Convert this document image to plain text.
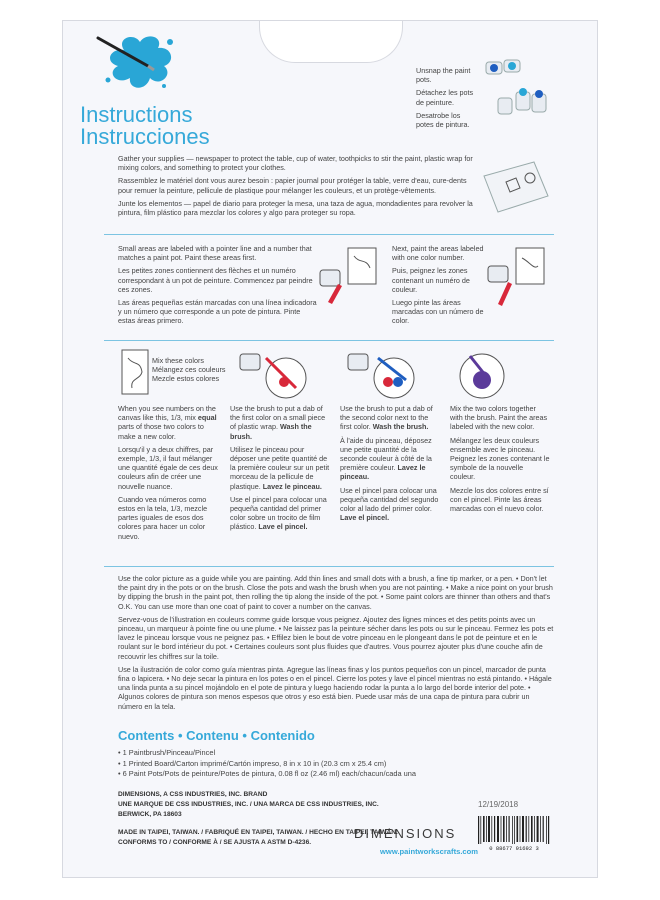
Instructions
Instrucciones

Unsnap the paint pots.

Détachez les pots de peinture.

Desatrobe los potes de pintura.

Gather your supplies — newspaper to protect the table, cup of water, toothpicks to stir the paint, plastic wrap for mixing colors, and something to protect your clothes.

Rassemblez le matériel dont vous aurez besoin : papier journal pour protéger la table, verre d'eau, cure-dents pour remuer la peinture, pellicule de plastique pour mélanger les couleurs, et un protège-vêtements.

Junte los elementos — papel de diario para proteger la mesa, una taza de agua, mondadientes para revolver la pintura, film plástico para mezclar los colores y algo para proteger su ropa.

Small areas are labeled with a pointer line and a number that matches a paint pot. Paint these areas first.

Les petites zones contiennent des flèches et un numéro correspondant à un pot de peinture. Commencez par peindre ces zones.

Las áreas pequeñas están marcadas con una línea indicadora y un número que corresponde a un pote de pintura. Pinte estas áreas primero.

Next, paint the areas labeled with one color number.

Puis, peignez les zones contenant un numéro de couleur.

Luego pinte las áreas marcadas con un número de color.

Mix these colors
Mélangez ces couleurs
Mezcle estos colores

When you see numbers on the canvas like this, 1/3, mix equal parts of those two colors to make a new color.

Lorsqu'il y a deux chiffres, par exemple, 1/3, il faut mélanger une quantité égale de ces deux couleurs afin de créer une nouvelle nuance.

Cuando vea números como estos en la tela, 1/3, mezcle partes iguales de esos dos colores para hacer un color nuevo.

Use the brush to put a dab of the first color on a small piece of plastic wrap. Wash the brush.

Utilisez le pinceau pour déposer une petite quantité de la première couleur sur un petit morceau de la pellicule de plastique. Lavez le pinceau.

Use el pincel para colocar una pequeña cantidad del primer color sobre un trocito de film plástico. Lave el pincel.

Use the brush to put a dab of the second color next to the first color. Wash the brush.

À l'aide du pinceau, déposez une petite quantité de la seconde couleur à côté de la première couleur. Lavez le pinceau.

Use el pincel para colocar una pequeña cantidad del segundo color al lado del primer color. Lave el pincel.

Mix the two colors together with the brush. Paint the areas labeled with the new color.

Mélangez les deux couleurs ensemble avec le pinceau. Peignez les zones contenant le symbole de la nouvelle couleur.

Mezcle los dos colores entre sí con el pincel. Pinte las áreas marcadas con el nuevo color.

Use the color picture as a guide while you are painting. Add thin lines and small dots with a brush, a fine tip marker, or a pen. • Don't let the paint dry in the pots or on the brush. Close the pots and wash the brush when you are not painting. • Make a nice point on your brush by dipping the brush in the paint pot, then rolling the tip along the inside of the pot. • Some paint colors are thinner than others and that's O.K. You can use more than one coat of paint to cover a number on the canvas.

Servez-vous de l'illustration en couleurs comme guide lorsque vous peignez. Ajoutez des lignes minces et des petits points avec un pinceau, un marqueur à pointe fine ou une plume. • Ne laissez pas la peinture sécher dans les pots ou sur le pinceau. Fermez les pots et lavez le pinceau lorsque vous ne peignez pas. • Effilez bien le bout de votre pinceau en le plongeant dans le pot de peinture et en le roulant sur le bord intérieur du pot. • Certaines couleurs sont plus fluides que d'autres. Vous pourrez ajouter plus d'une couche afin de recouvrir les chiffres sur la toile.

Use la ilustración de color como guía mientras pinta. Agregue las líneas finas y los puntos pequeños con un pincel, marcador de punta fina o lapicera. • No deje secar la pintura en los potes o en el pincel. Cierre los potes y lave el pincel mientras no está pintando. • Hágale una linda punta a su pincel mojándolo en el pote de pintura y luego haciendo rodar la punta a lo largo del borde interior del pote. • Algunos colores de pintura son menos espesos que otros y eso está bien. Puede usar más de una capa de pintura para cubrir un número en la tela.

Contents • Contenu • Contenido
• 1 Paintbrush/Pinceau/Pincel
• 1 Printed Board/Carton imprimé/Cartón impreso, 8 in x 10 in (20.3 cm x 25.4 cm)
• 6 Paint Pots/Pots de peinture/Potes de pintura, 0.08 fl oz (2.46 ml) each/chacun/cada una
DIMENSIONS, A CSS INDUSTRIES, INC. BRAND
UNE MARQUE DE CSS INDUSTRIES, INC. / UNA MARCA DE CSS INDUSTRIES, INC.
BERWICK, PA 18603
MADE IN TAIPEI, TAIWAN. / FABRIQUÉ EN TAIPEI, TAIWAN. / HECHO EN TAIPEI, TAIWÁN.
CONFORMS TO / CONFORME À / SE AJUSTA A ASTM D-4236.
12/19/2018
DIMENSIONS
www.paintworkscrafts.com 0 88677 91692 3
